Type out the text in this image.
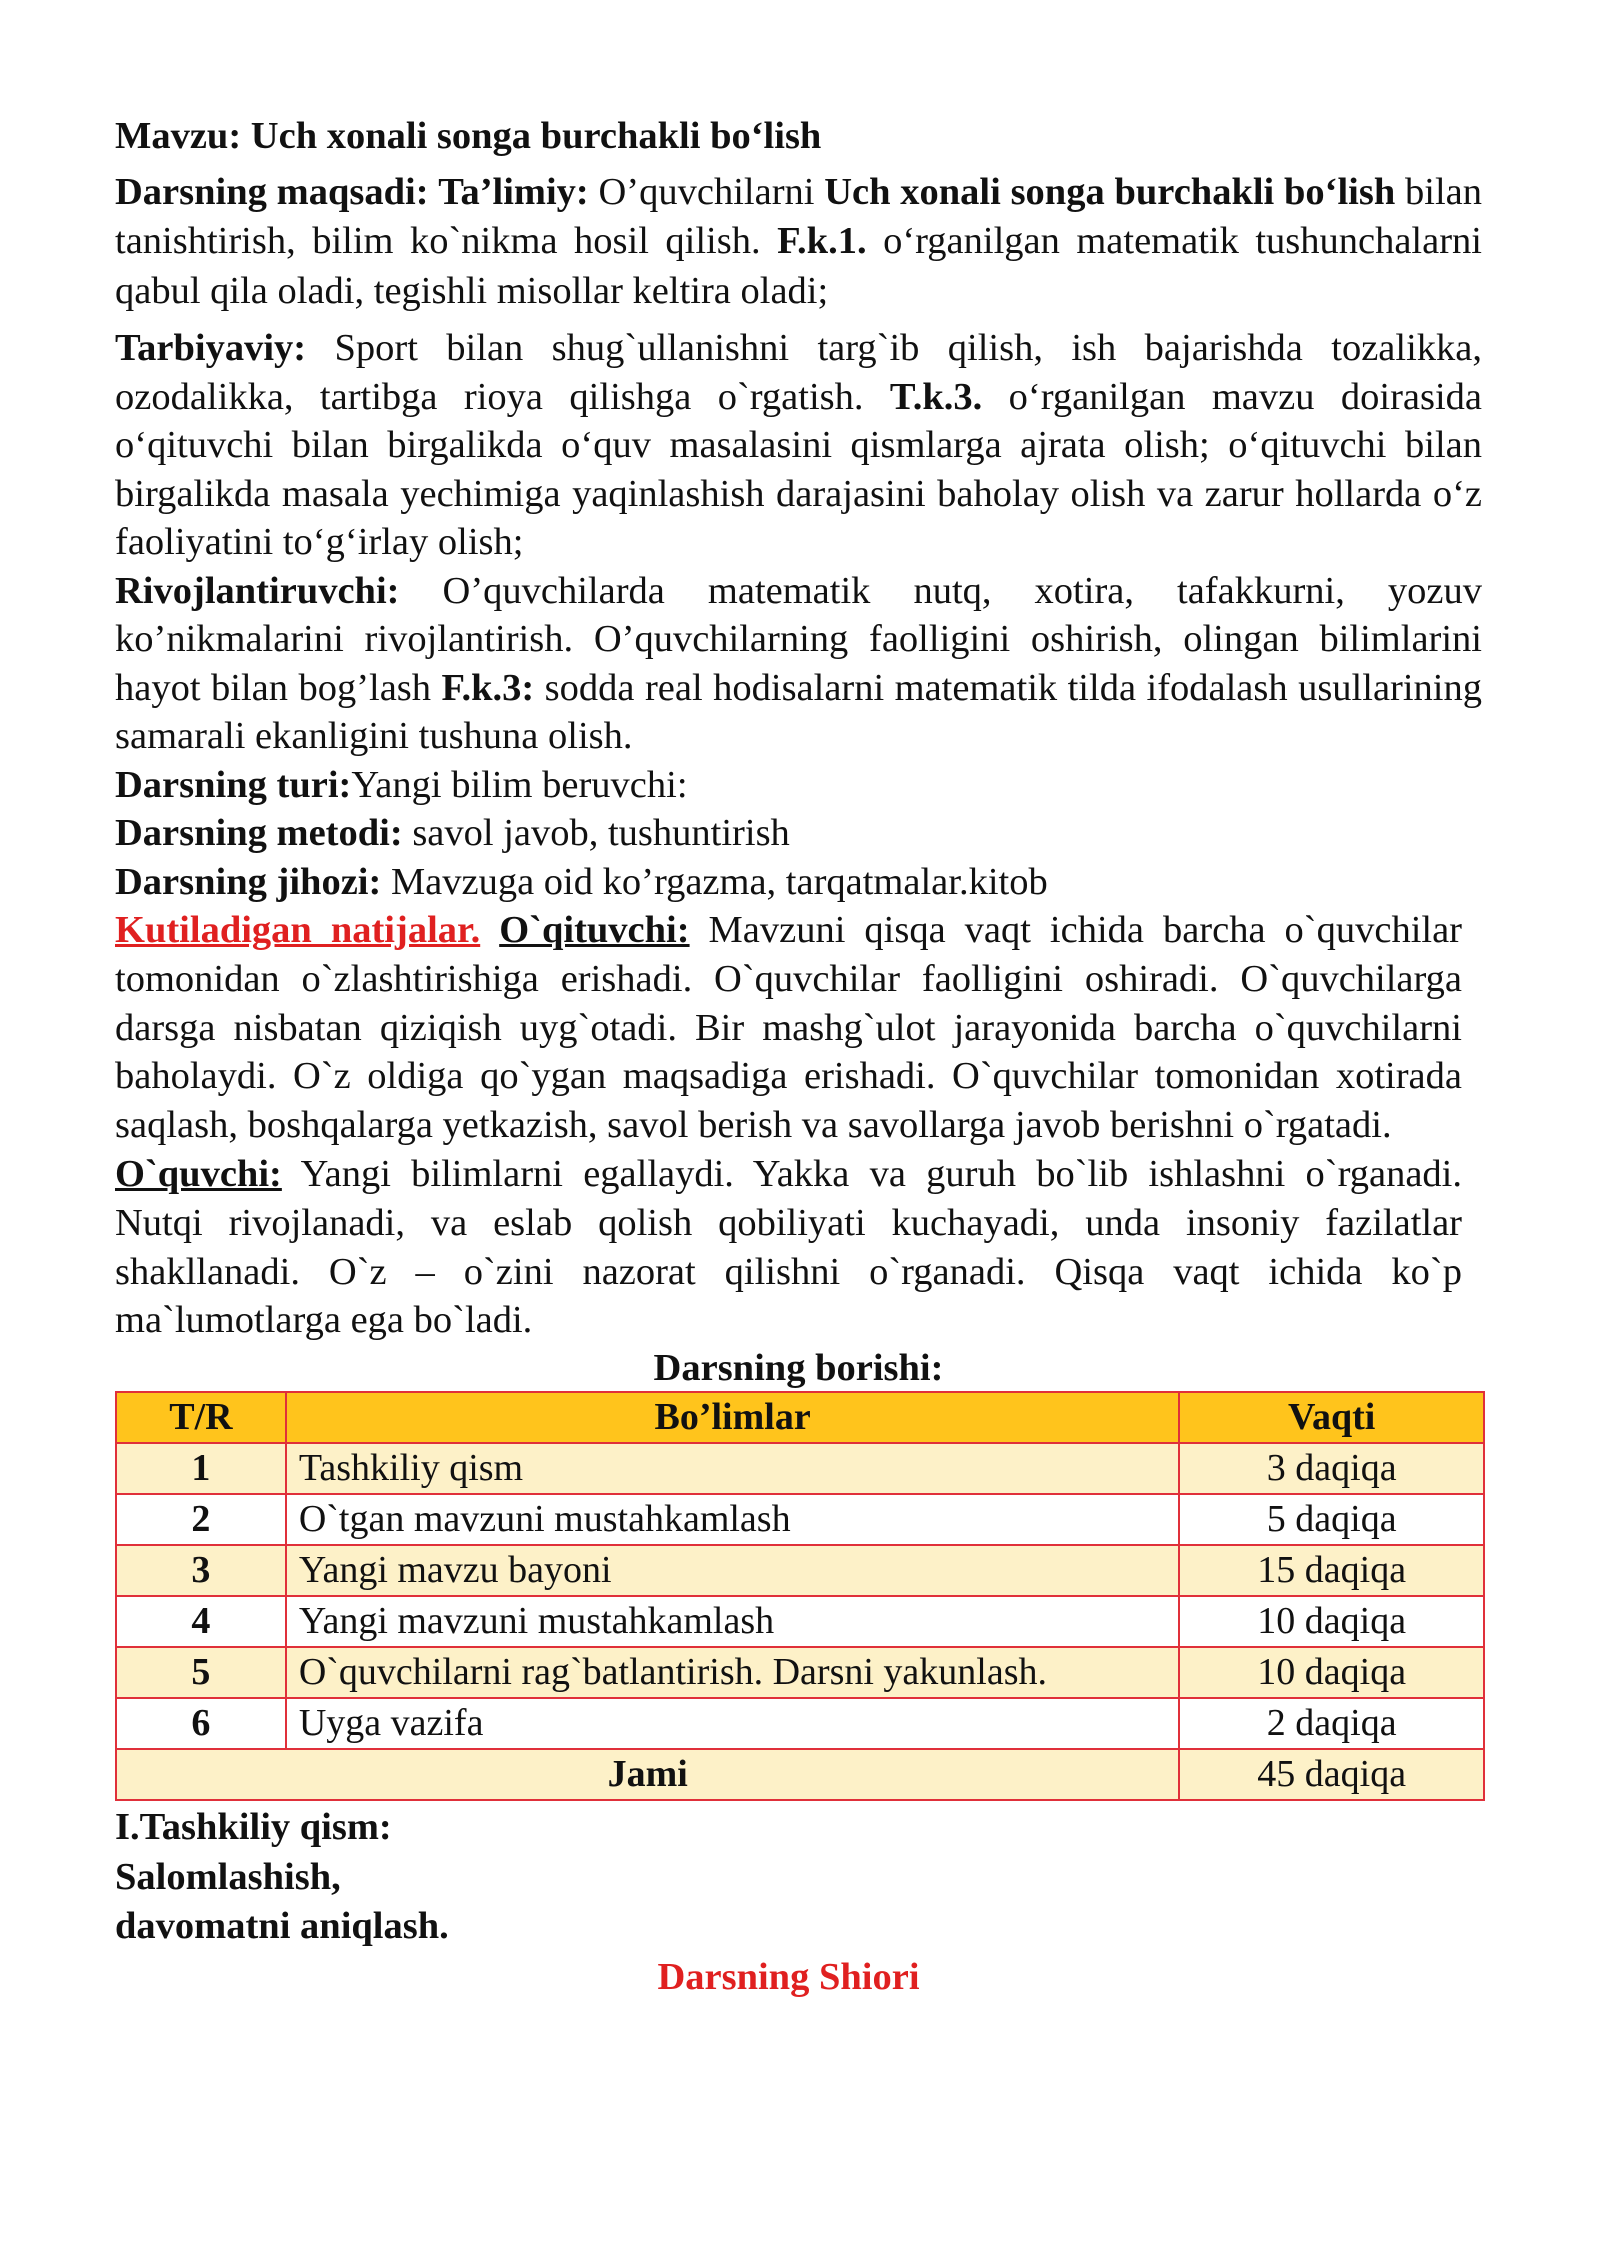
Mavzu: Uch xonali songa burchakli bo‘lish

Darsning maqsadi: Ta’limiy: O’quvchilarni Uch xonali songa burchakli bo‘lish bilan tanishtirish, bilim ko`nikma hosil qilish. F.k.1. o‘rganilgan matematik tushunchalarni qabul qila oladi, tegishli misollar keltira oladi;

Tarbiyaviy: Sport bilan shug`ullanishni targ`ib qilish, ish bajarishda tozalikka, ozodalikka, tartibga rioya qilishga o`rgatish. T.k.3. o‘rganilgan mavzu doirasida o‘qituvchi bilan birgalikda o‘quv masalasini qismlarga ajrata olish; o‘qituvchi bilan birgalikda masala yechimiga yaqinlashish darajasini baholay olish va zarur hollarda o‘z faoliyatini to‘g‘irlay olish;

Rivojlantiruvchi: O’quvchilarda matematik nutq, xotira, tafakkurni, yozuv ko’nikmalarini rivojlantirish. O’quvchilarning faolligini oshirish, olingan bilimlarini hayot bilan bog’lash F.k.3: sodda real hodisalarni matematik tilda ifodalash usullarining samarali ekanligini tushuna olish.

Darsning turi:Yangi bilim beruvchi:

Darsning metodi: savol javob, tushuntirish

Darsning jihozi: Mavzuga oid ko’rgazma, tarqatmalar.kitob

Kutiladigan natijalar. O`qituvchi: Mavzuni qisqa vaqt ichida barcha o`quvchilar tomonidan o`zlashtirishiga erishadi. O`quvchilar faolligini oshiradi. O`quvchilarga darsga nisbatan qiziqish uyg`otadi. Bir mashg`ulot jarayonida barcha o`quvchilarni baholaydi. O`z oldiga qo`ygan maqsadiga erishadi. O`quvchilar tomonidan xotirada saqlash, boshqalarga yetkazish, savol berish va savollarga javob berishni o`rgatadi.

O`quvchi: Yangi bilimlarni egallaydi. Yakka va guruh bo`lib ishlashni o`rganadi. Nutqi rivojlanadi, va eslab qolish qobiliyati kuchayadi, unda insoniy fazilatlar shakllanadi. O`z – o`zini nazorat qilishni o`rganadi. Qisqa vaqt ichida ko`p ma`lumotlarga ega bo`ladi.

Darsning borishi:

T/R	Bo’limlar	Vaqti
1	Tashkiliy qism	3 daqiqa
2	O`tgan mavzuni mustahkamlash	5 daqiqa
3	Yangi mavzu bayoni	15 daqiqa
4	Yangi mavzuni mustahkamlash	10 daqiqa
5	O`quvchilarni rag`batlantirish. Darsni yakunlash.	10 daqiqa
6	Uyga vazifa	2 daqiqa
Jami		45 daqiqa

I.Tashkiliy qism:

Salomlashish,

davomatni aniqlash.

Darsning Shiori
